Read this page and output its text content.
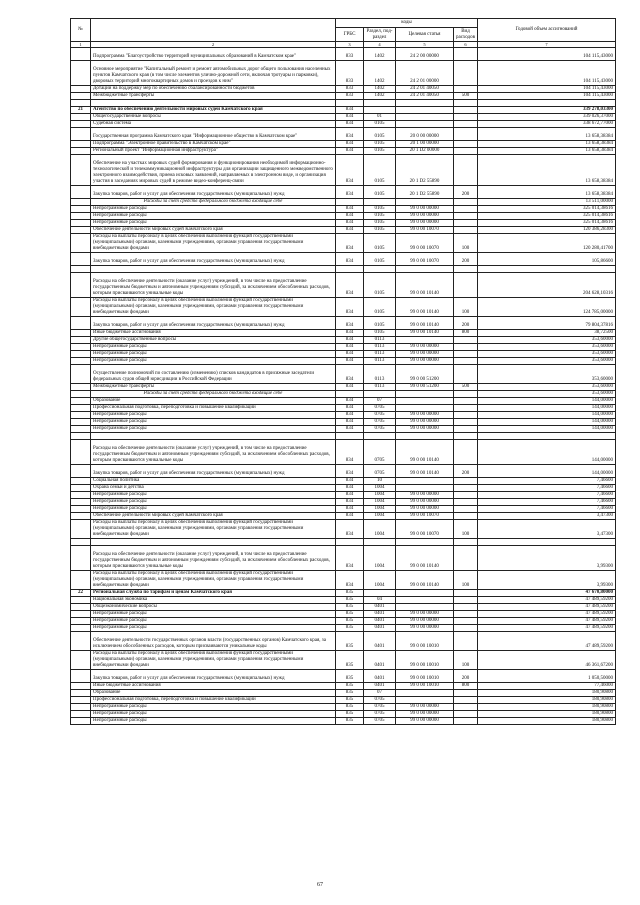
№		коды				Годовой объем ассигнований
		ГРБС	Раздел, под-раздел	Целевая статья	Вид расходов	
1	2	3	4	5	6	7
	Подпрограмма "Благоустройство территорий муниципальных образований в Камчатском крае"	833	1402	24 2 00 00000		104 115,43000
	Основное мероприятие "Капитальный ремонт и ремонт автомобильных дорог общего пользования населенных пунктов Камчатского края (в том числе элементов улично-дорожной сети, включая тротуары и парковки), дворовых территорий многоквартирных домов и проездов к ним"	833	1402	24 2 01 00000		104 115,43000
	Дотации на поддержку мер по обеспечению сбалансированности бюджетов	833	1402	24 2 01 40050		104 115,43000
	Межбюджетные трансферты	833	1402	24 2 01 40050	500	104 115,43000

21	Агентство по обеспечению деятельности мировых судей Камчатского края	834				339 278,03300
	Общегосударственные вопросы	834	01			339 026,37000
	Судебная система	834	0105			338 672,77000
	Государственная программа Камчатского края "Информационное общество в Камчатском крае"	834	0105	20 0 00 00000		13 658,38384
	Подпрограмма "Электронное правительство в Камчатском крае"	834	0105	20 1 00 00000		13 658,38384
	Региональный проект "Информационная инфраструктура"	834	0105	20 1 D2 00000		13 658,38384
	Обеспечение на участках мировых судей формирования и функционирования необходимой информационно-технологической и телекоммуникационной инфраструктуры для организации защищенного межведомственного электронного взаимодействия, приема исковых заявлений, направляемых в электронном виде, и организация участия в заседаниях мировых судей в режиме видео-конференц-связи	834	0105	20 1 D2 55890		13 658,38384
	Закупка товаров, работ и услуг для обеспечения государственных (муниципальных) нужд	834	0105	20 1 D2 55890	200	13 658,38384
	Расходы за счет средств федерального бюджета входящие себе					13 511,00000
	Непрограммные расходы	834	0105	99 0 00 00000		325 014,38616
	Непрограммные расходы	834	0105	99 0 00 00000		325 014,38616
	Непрограммные расходы	834	0105	99 0 00 00000		325 014,38616
	Обеспечение деятельности мировых судей Камчатского края	834	0105	99 0 00 10070		120 386,28300
	Расходы на выплаты персоналу в целях обеспечения выполнения функций государственными (муниципальными) органами, казенными учреждениями, органами управления государственными внебюджетными фондами	834	0105	99 0 00 10070	100	120 280,41700
	Закупка товаров, работ и услуг для обеспечения государственных (муниципальных) нужд	834	0105	99 0 00 10070	200	105,86600

	Расходы на обеспечение деятельности (оказание услуг) учреждений, в том числе на предоставление государственным бюджетным и автономным учреждениям субсидий, за исключением обособленных расходов, которым присваиваются уникальные коды	834	0105	99 0 00 10140		204 628,10316
	Расходы на выплаты персоналу в целях обеспечения выполнения функций государственными (муниципальными) органами, казенными учреждениями, органами управления государственными внебюджетными фондами	834	0105	99 0 00 10140	100	124 785,00000
	Закупка товаров, работ и услуг для обеспечения государственных (муниципальных) нужд	834	0105	99 0 00 10140	200	79 804,37816
	Иные бюджетные ассигнования	834	0105	99 0 00 10140	800	38,72500
	Другие общегосударственные вопросы	834	0113			353,60000
	Непрограммные расходы	834	0113	99 0 00 00000		353,60000
	Непрограммные расходы	834	0113	99 0 00 00000		353,60000
	Непрограммные расходы	834	0113	99 0 00 00000		353,60000
	Осуществление полномочий по составлению (изменению) списков кандидатов в присяжные заседатели федеральных судов общей юрисдикции в Российской Федерации	834	0113	99 0 00 51200		353,60000
	Межбюджетные трансферты	834	0113	99 0 00 51200	500	353,60000
	Расходы за счет средств федерального бюджета входящие себе					353,60000
	Образование	834	07			144,00000
	Профессиональная подготовка, переподготовка и повышение квалификации	834	0705			144,00000
	Непрограммные расходы	834	0705	99 0 00 00000		144,00000
	Непрограммные расходы	834	0705	99 0 00 00000		144,00000
	Непрограммные расходы	834	0705	99 0 00 00000		144,00000

	Расходы на обеспечение деятельности (оказание услуг) учреждений, в том числе на предоставление государственным бюджетным и автономным учреждениям субсидий, за исключением обособленных расходов, которым присваиваются уникальные коды	834	0705	99 0 00 10140		144,00000
	Закупка товаров, работ и услуг для обеспечения государственных (муниципальных) нужд	834	0705	99 0 00 10140	200	144,00000
	Социальная политика	834	10			7,46600
	Охрана семьи и детства	834	1004			7,46600
	Непрограммные расходы	834	1004	99 0 00 00000		7,46600
	Непрограммные расходы	834	1004	99 0 00 00000		7,46600
	Непрограммные расходы	834	1004	99 0 00 00000		7,46600
	Обеспечение деятельности мировых судей Камчатского края	834	1004	99 0 00 10070		3,47300
	Расходы на выплаты персоналу в целях обеспечения выполнения функций государственными (муниципальными) органами, казенными учреждениями, органами управления государственными внебюджетными фондами	834	1004	99 0 00 10070	100	3,47300

	Расходы на обеспечение деятельности (оказание услуг) учреждений, в том числе на предоставление государственным бюджетным и автономным учреждениям субсидий, за исключением обособленных расходов, которым присваиваются уникальные коды	834	1004	99 0 00 10140		3,99300
	Расходы на выплаты персоналу в целях обеспечения выполнения функций государственными (муниципальными) органами, казенными учреждениями, органами управления государственными внебюджетными фондами	834	1004	99 0 00 10140	100	3,99300
22	Региональная служба по тарифам и ценам Камчатского края	835				47 670,80000
	Национальная экономика	835	04			47 489,59200
	Общеэкономические вопросы	835	0401			47 489,59200
	Непрограммные расходы	835	0401	99 0 00 00000		47 489,59200
	Непрограммные расходы	835	0401	99 0 00 00000		47 489,59200
	Непрограммные расходы	835	0401	99 0 00 00000		47 489,59200
	Обеспечение деятельности государственных органов власти (государственных органов) Камчатского края, за исключением обособленных расходов, которым присваиваются уникальные коды	835	0401	99 0 00 10010		47 489,59200
	Расходы на выплаты персоналу в целях обеспечения выполнения функций государственными (муниципальными) органами, казенными учреждениями, органами управления государственными внебюджетными фондами	835	0401	99 0 00 10010	100	46 361,67200
	Закупка товаров, работ и услуг для обеспечения государственных (муниципальных) нужд	835	0401	99 0 00 10010	200	1 050,50000
	Иные бюджетные ассигнования	835	0401	99 0 00 10010	800	77,46000
	Образование	835	07			180,90800
	Профессиональная подготовка, переподготовка и повышение квалификации	835	0705			180,90800
	Непрограммные расходы	835	0705	99 0 00 00000		180,90800
	Непрограммные расходы	835	0705	99 0 00 00000		180,90800
	Непрограммные расходы	835	0705	99 0 00 00000		180,90800
67
